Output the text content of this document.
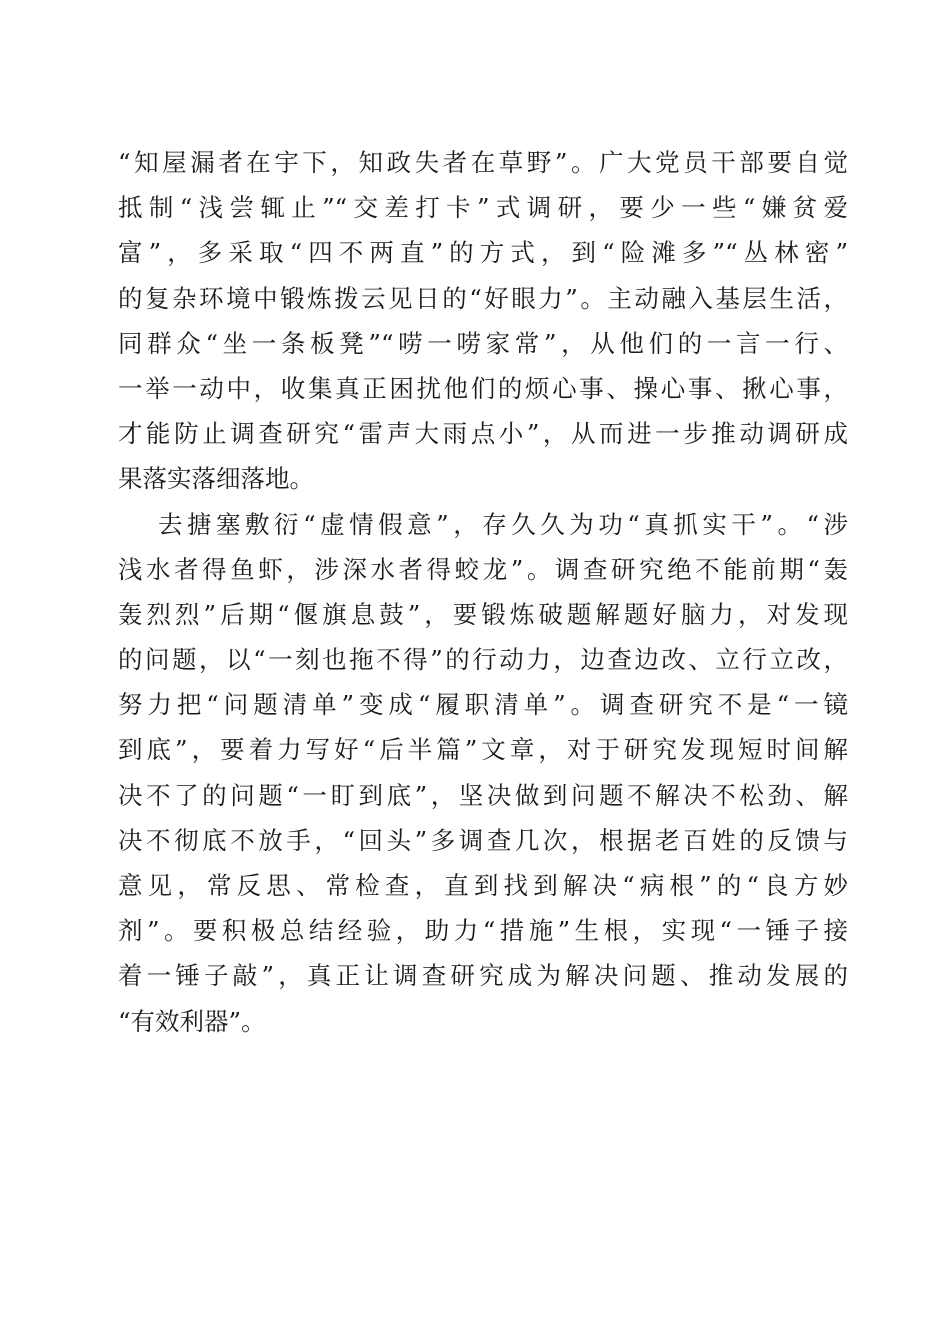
“知屋漏者在宇下，知政失者在草野”。广大党员干部要自觉
抵制“浅尝辄止”“交差打卡”式调研，要少一些“嫌贫爱
富”，多采取“四不两直”的方式，到“险滩多”“丛林密”
的复杂环境中锻炼拨云见日的“好眼力”。主动融入基层生活，
同群众“坐一条板凳”“唠一唠家常”，从他们的一言一行、
一举一动中，收集真正困扰他们的烦心事、操心事、揪心事，
才能防止调查研究“雷声大雨点小”，从而进一步推动调研成
果落实落细落地。
去搪塞敷衍“虚情假意”，存久久为功“真抓实干”。“涉
浅水者得鱼虾，涉深水者得蛟龙”。调查研究绝不能前期“轰
轰烈烈”后期“偃旗息鼓”，要锻炼破题解题好脑力，对发现
的问题，以“一刻也拖不得”的行动力，边查边改、立行立改，
努力把“问题清单”变成“履职清单”。调查研究不是“一镜
到底”，要着力写好“后半篇”文章，对于研究发现短时间解
决不了的问题“一盯到底”，坚决做到问题不解决不松劲、解
决不彻底不放手，“回头”多调查几次，根据老百姓的反馈与
意见，常反思、常检查，直到找到解决“病根”的“良方妙
剂”。要积极总结经验，助力“措施”生根，实现“一锤子接
着一锤子敲”，真正让调查研究成为解决问题、推动发展的
“有效利器”。
